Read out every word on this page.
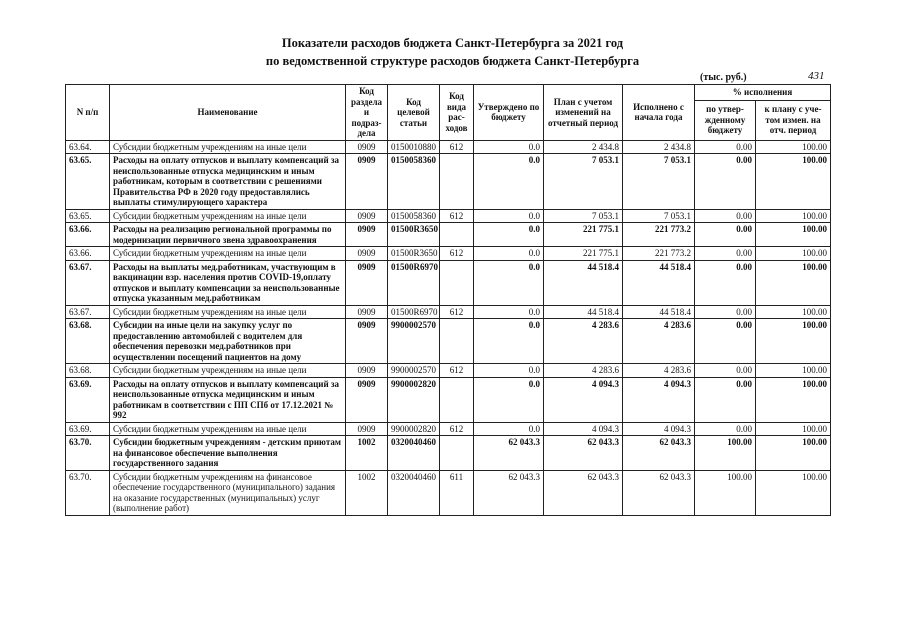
Показатели расходов бюджета Санкт-Петербурга за 2021 год
по ведомственной структуре расходов бюджета Санкт-Петербурга
(тыс. руб.)	431
N п/п	Наименование	Код раздела и подраз-дела	Код целевой статьи	Код вида рас-ходов	Утверждено по бюджету	План с учетом изменений на отчетный период	Исполнено с начала года	% исполнения	
								по утвер-жденному бюджету	к плану с уче-том измен. на отч. период
63.64.	Субсидии бюджетным учреждениям на иные цели	0909	0150010880	612	0.0	2 434.8	2 434.8	0.00	100.00
63.65.	Расходы на оплату отпусков и выплату компенсаций за неиспользованные отпуска медицинским и иным работникам, которым в соответствии с решениями Правительства РФ в 2020 году предоставлялись выплаты стимулирующего характера	0909	0150058360		0.0	7 053.1	7 053.1	0.00	100.00
63.65.	Субсидии бюджетным учреждениям на иные цели	0909	0150058360	612	0.0	7 053.1	7 053.1	0.00	100.00
63.66.	Расходы на реализацию региональной программы по модернизации первичного звена здравоохранения	0909	01500R3650		0.0	221 775.1	221 773.2	0.00	100.00
63.66.	Субсидии бюджетным учреждениям на иные цели	0909	01500R3650	612	0.0	221 775.1	221 773.2	0.00	100.00
63.67.	Расходы на выплаты мед.работникам, участвующим в вакцинации взр. населения против COVID-19,оплату отпусков и выплату компенсации за неиспользованные отпуска указанным мед.работникам	0909	01500R6970		0.0	44 518.4	44 518.4	0.00	100.00
63.67.	Субсидии бюджетным учреждениям на иные цели	0909	01500R6970	612	0.0	44 518.4	44 518.4	0.00	100.00
63.68.	Субсидии на иные цели на закупку услуг по предоставлению автомобилей с водителем для обеспечения перевозки мед.работников при осуществлении посещений пациентов на дому	0909	9900002570		0.0	4 283.6	4 283.6	0.00	100.00
63.68.	Субсидии бюджетным учреждениям на иные цели	0909	9900002570	612	0.0	4 283.6	4 283.6	0.00	100.00
63.69.	Расходы на оплату отпусков и выплату компенсаций за неиспользованные отпуска медицинским и иным работникам в соответствии с ПП СПб от 17.12.2021 № 992	0909	9900002820		0.0	4 094.3	4 094.3	0.00	100.00
63.69.	Субсидии бюджетным учреждениям на иные цели	0909	9900002820	612	0.0	4 094.3	4 094.3	0.00	100.00
63.70.	Субсидии бюджетным учреждениям - детским приютам на финансовое обеспечение выполнения государственного задания	1002	0320040460		62 043.3	62 043.3	62 043.3	100.00	100.00
63.70.	Субсидии бюджетным учреждениям на финансовое обеспечение государственного (муниципального) задания на оказание государственных (муниципальных) услуг (выполнение работ)	1002	0320040460	611	62 043.3	62 043.3	62 043.3	100.00	100.00
